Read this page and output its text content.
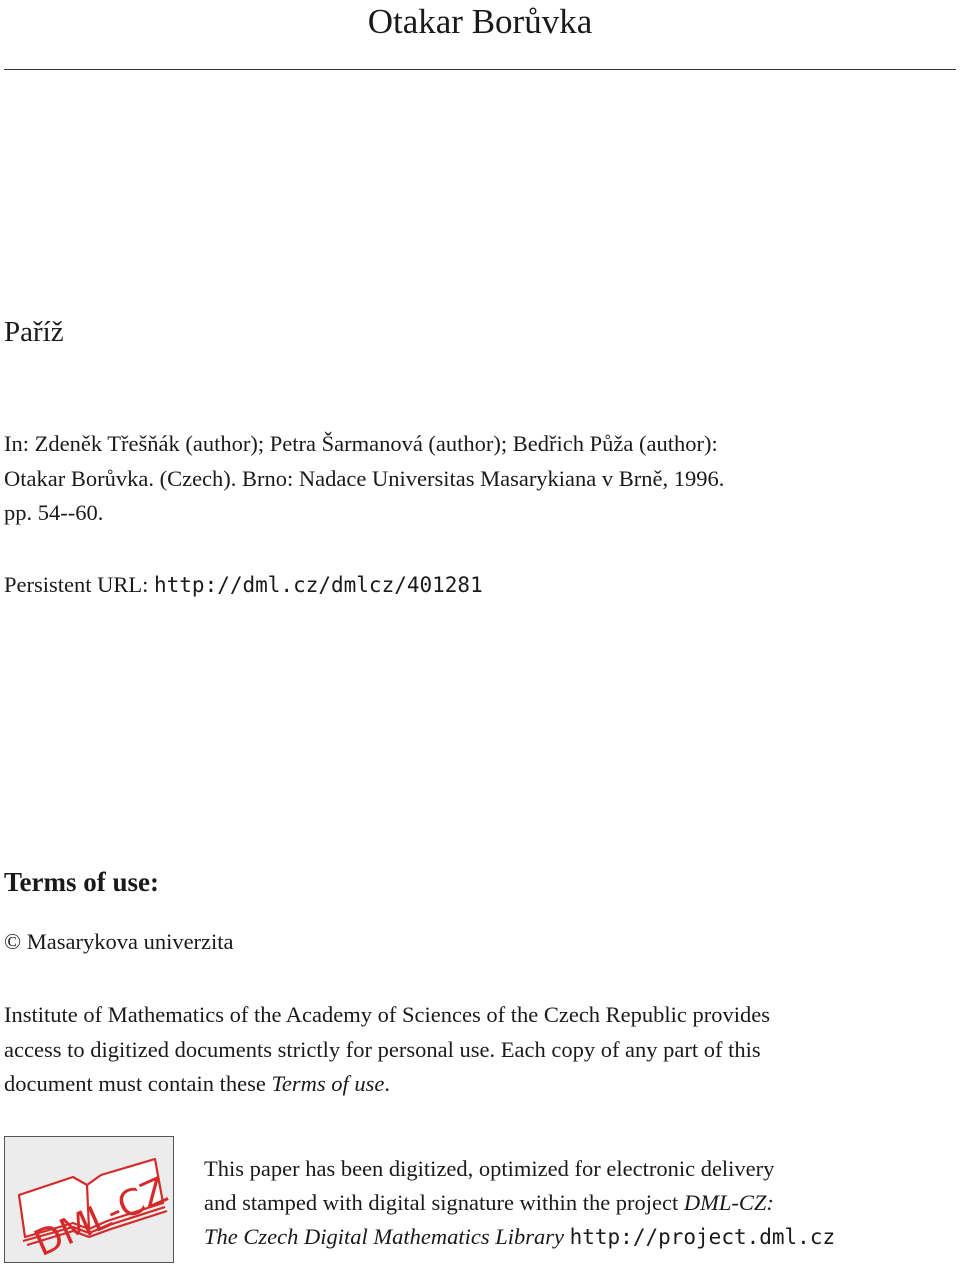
Otakar Borůvka
Paříž
In: Zdeněk Třešňák (author); Petra Šarmanová (author); Bedřich Půža (author):
Otakar Borůvka. (Czech). Brno: Nadace Universitas Masarykiana v Brně, 1996.
pp. 54--60.
Persistent URL: http://dml.cz/dmlcz/401281
Terms of use:
© Masarykova univerzita
Institute of Mathematics of the Academy of Sciences of the Czech Republic provides
access to digitized documents strictly for personal use. Each copy of any part of this
document must contain these Terms of use.
DML-CZ
This paper has been digitized, optimized for electronic delivery
and stamped with digital signature within the project DML-CZ:
The Czech Digital Mathematics Library http://project.dml.cz
